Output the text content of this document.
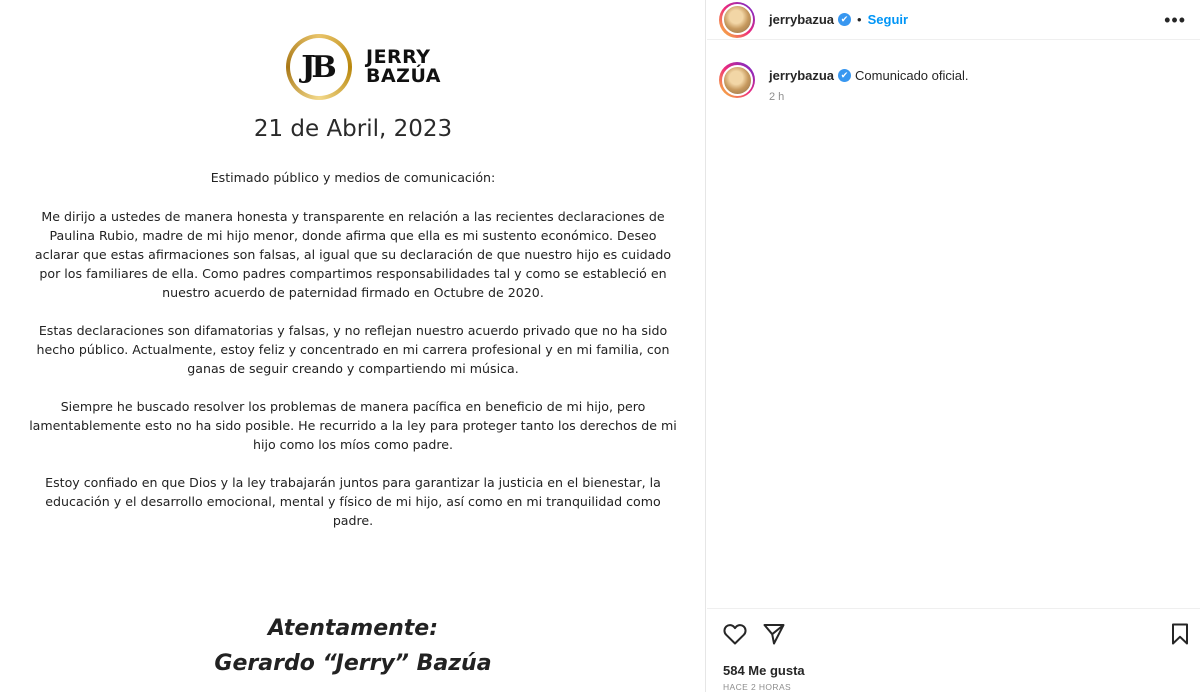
JB	JERRY
BAZÚA
21 de Abril, 2023

Estimado público y medios de comunicación:

Me dirijo a ustedes de manera honesta y transparente en relación a las recientes declaraciones de Paulina Rubio, madre de mi hijo menor, donde afirma que ella es mi sustento económico. Deseo aclarar que estas afirmaciones son falsas, al igual que su declaración de que nuestro hijo es cuidado por los familiares de ella. Como padres compartimos responsabilidades tal y como se estableció en nuestro acuerdo de paternidad firmado en Octubre de 2020.

Estas declaraciones son difamatorias y falsas, y no reflejan nuestro acuerdo privado que no ha sido hecho público. Actualmente, estoy feliz y concentrado en mi carrera profesional y en mi familia, con ganas de seguir creando y compartiendo mi música.

Siempre he buscado resolver los problemas de manera pacífica en beneficio de mi hijo, pero lamentablemente esto no ha sido posible. He recurrido a la ley para proteger tanto los derechos de mi hijo como los míos como padre.

Estoy confiado en que Dios y la ley trabajarán juntos para garantizar la justicia en el bienestar, la educación y el desarrollo emocional, mental y físico de mi hijo, así como en mi tranquilidad como padre.

Atentamente:
Gerardo “Jerry” Bazúa
jerrybazua ✔ • Seguir	•••
jerrybazua ✔ Comunicado oficial.
2 h
584 Me gusta
HACE 2 HORAS
